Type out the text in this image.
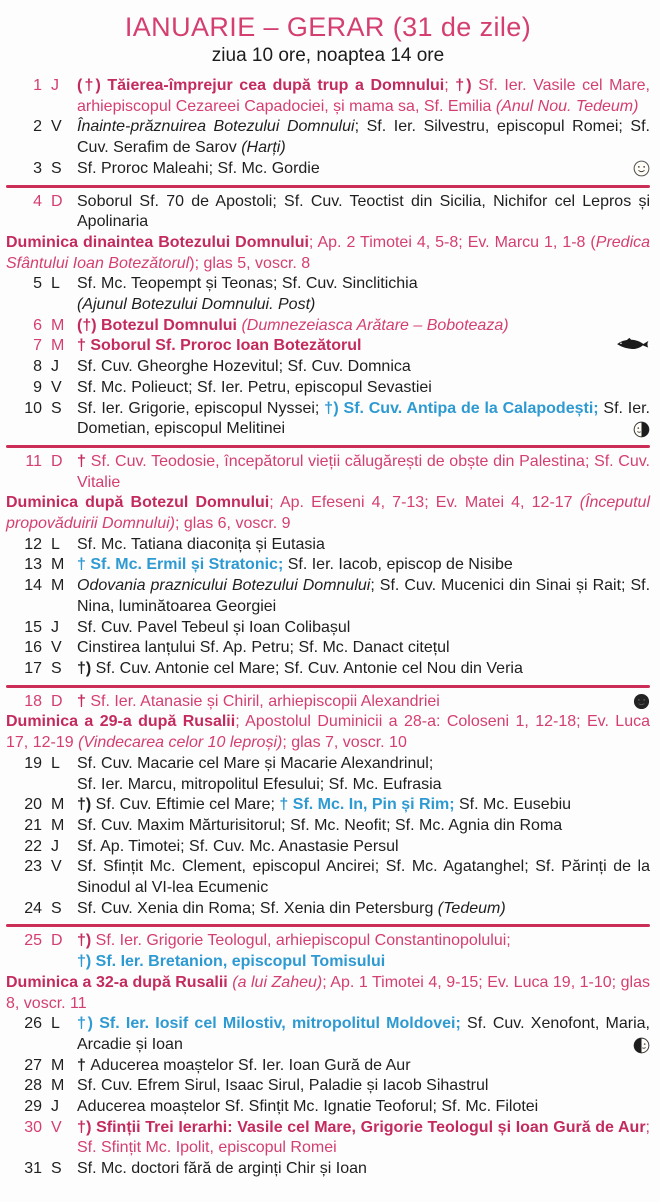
IANUARIE – GERAR (31 de zile)
ziua 10 ore, noaptea 14 ore
1 J	(†) Tăierea-împrejur cea după trup a Domnului; †) Sf. Ier. Vasile cel Mare, arhiepiscopul Cezareei Capadociei, și mama sa, Sf. Emilia (Anul Nou. Tedeum)
2 V Înainte-prăznuirea Botezului Domnului; Sf. Ier. Silvestru, episcopul Romei; Sf. Cuv. Serafim de Sarov (Harți)
3 S Sf. Proroc Maleahi; Sf. Mc. Gordie
4 D Soborul Sf. 70 de Apostoli; Sf. Cuv. Teoctist din Sicilia, Nichifor cel Lepros și Apolinaria
Duminica dinaintea Botezului Domnului; Ap. 2 Timotei 4, 5-8; Ev. Marcu 1, 1-8 (Predica Sfântului Ioan Botezătorul); glas 5, voscr. 8
5 L	Sf. Mc. Teopempt și Teonas; Sf. Cuv. Sinclitichia
(Ajunul Botezului Domnului. Post)
6 M (†) Botezul Domnului (Dumnezeiasca Arătare – Boboteaza)
7 M † Soborul Sf. Proroc Ioan Botezătorul
8 J	Sf. Cuv. Gheorghe Hozevitul; Sf. Cuv. Domnica
9 V Sf. Mc. Polieuct; Sf. Ier. Petru, episcopul Sevastiei
10 S Sf. Ier. Grigorie, episcopul Nyssei; †) Sf. Cuv. Antipa de la Calapodești; Sf. Ier. Dometian, episcopul Melitinei
11 D † Sf. Cuv. Teodosie, începătorul vieții călugărești de obște din Palestina; Sf. Cuv. Vitalie
Duminica după Botezul Domnului; Ap. Efeseni 4, 7-13; Ev. Matei 4, 12-17 (Începutul propovăduirii Domnului); glas 6, voscr. 9
12 L	Sf. Mc. Tatiana diaconița și Eutasia
13 M † Sf. Mc. Ermil și Stratonic; Sf. Ier. Iacob, episcop de Nisibe
14 M Odovania praznicului Botezului Domnului; Sf. Cuv. Mucenici din Sinai și Rait; Sf. Nina, luminătoarea Georgiei
15 J	Sf. Cuv. Pavel Tebeul și Ioan Colibașul
16 V Cinstirea lanțului Sf. Ap. Petru; Sf. Mc. Danact citețul
17 S †) Sf. Cuv. Antonie cel Mare; Sf. Cuv. Antonie cel Nou din Veria
18 D † Sf. Ier. Atanasie și Chiril, arhiepiscopii Alexandriei
Duminica a 29-a după Rusalii; Apostolul Duminicii a 28-a: Coloseni 1, 12-18; Ev. Luca 17, 12-19 (Vindecarea celor 10 leproși); glas 7, voscr. 10
19 L	Sf. Cuv. Macarie cel Mare și Macarie Alexandrinul;
Sf. Ier. Marcu, mitropolitul Efesului; Sf. Mc. Eufrasia
20 M †) Sf. Cuv. Eftimie cel Mare; † Sf. Mc. In, Pin și Rim; Sf. Mc. Eusebiu
21 M Sf. Cuv. Maxim Mărturisitorul; Sf. Mc. Neofit; Sf. Mc. Agnia din Roma
22 J	Sf. Ap. Timotei; Sf. Cuv. Mc. Anastasie Persul
23 V Sf. Sfințit Mc. Clement, episcopul Ancirei; Sf. Mc. Agatanghel; Sf. Părinți de la Sinodul al VI-lea Ecumenic
24 S Sf. Cuv. Xenia din Roma; Sf. Xenia din Petersburg (Tedeum)
25 D †) Sf. Ier. Grigorie Teologul, arhiepiscopul Constantinopolului;
†) Sf. Ier. Bretanion, episcopul Tomisului
Duminica a 32-a după Rusalii (a lui Zaheu); Ap. 1 Timotei 4, 9-15; Ev. Luca 19, 1-10; glas 8, voscr. 11
26 L	†) Sf. Ier. Iosif cel Milostiv, mitropolitul Moldovei; Sf. Cuv. Xenofont, Maria, Arcadie și Ioan
27 M † Aducerea moaștelor Sf. Ier. Ioan Gură de Aur
28 M Sf. Cuv. Efrem Sirul, Isaac Sirul, Paladie și Iacob Sihastrul
29 J	Aducerea moaștelor Sf. Sfințit Mc. Ignatie Teoforul; Sf. Mc. Filotei
30 V †) Sfinții Trei Ierarhi: Vasile cel Mare, Grigorie Teologul și Ioan Gură de Aur; Sf. Sfințit Mc. Ipolit, episcopul Romei
31 S Sf. Mc. doctori fără de arginți Chir și Ioan
